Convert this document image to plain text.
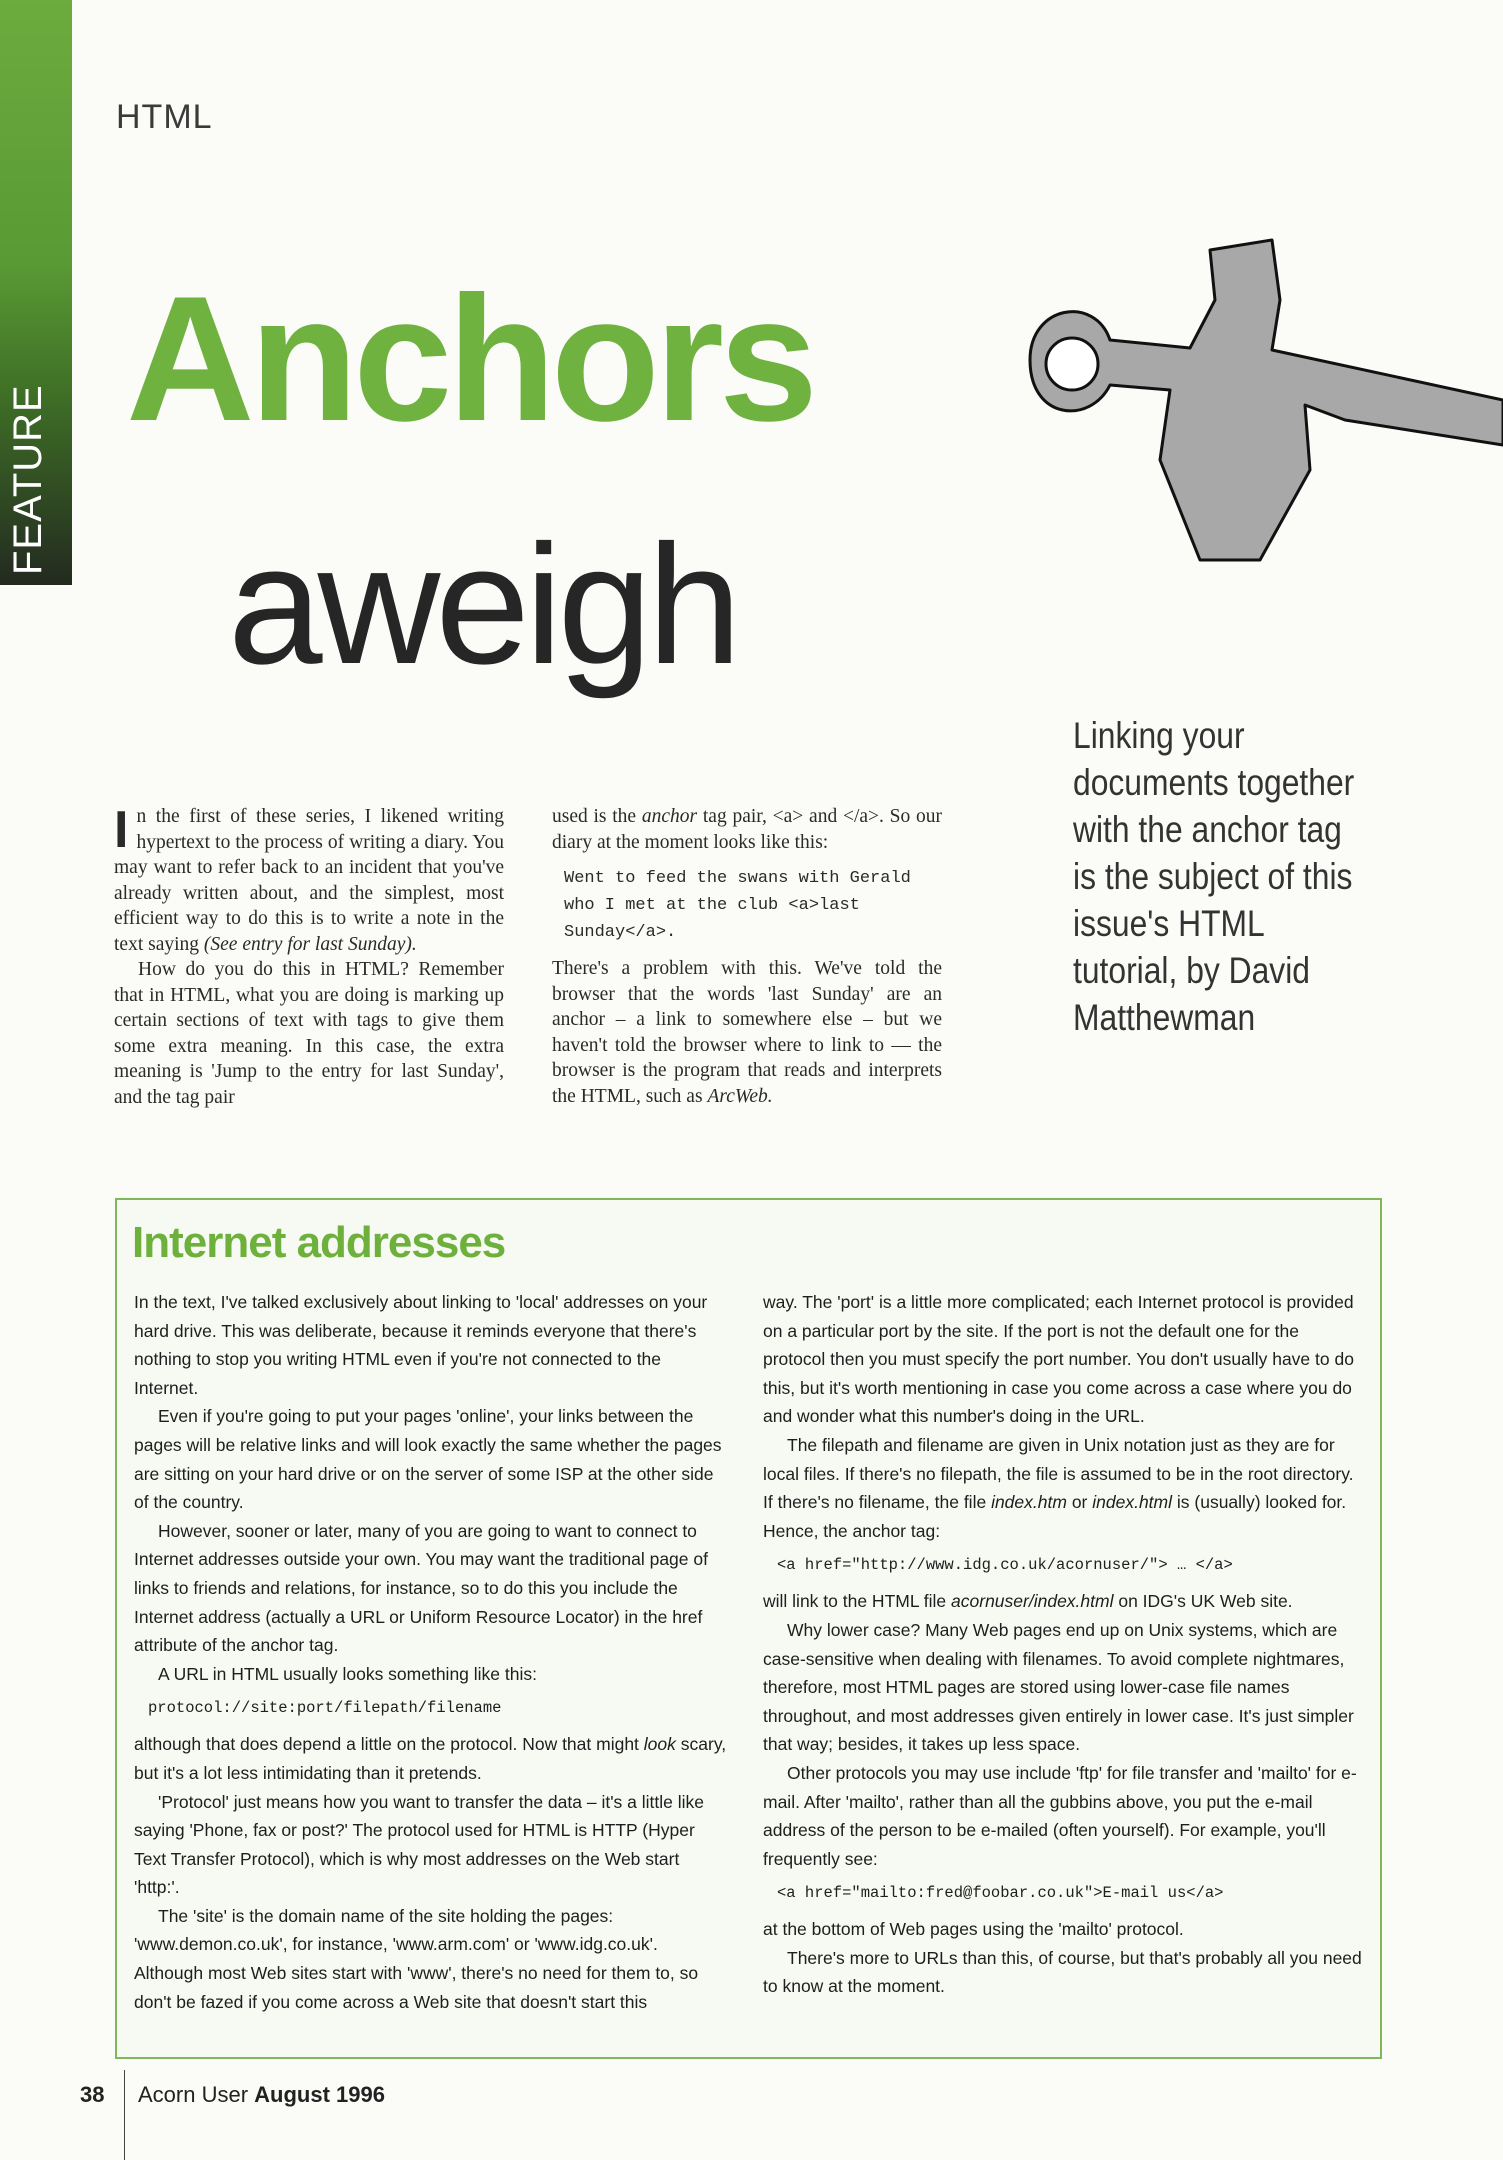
HTML
Anchors
aweigh
Linking your documents together with the anchor tag is the subject of this issue's HTML tutorial, by David Matthewman

In the first of these series, I likened writing hypertext to the process of writing a diary. You may want to refer back to an incident that you've already written about, and the simplest, most efficient way to do this is to write a note in the text saying (See entry for last Sunday).

How do you do this in HTML? Remember that in HTML, what you are doing is marking up certain sections of text with tags to give them some extra meaning. In this case, the extra meaning is 'Jump to the entry for last Sunday', and the tag pair

used is the anchor tag pair, <a> and </a>. So our diary at the moment looks like this:

Went to feed the swans with Gerald who I met at the club <a>last Sunday</a>.

There's a problem with this. We've told the browser that the words 'last Sunday' are an anchor – a link to somewhere else – but we haven't told the browser where to link to — the browser is the program that reads and interprets the HTML, such as ArcWeb.

Internet addresses

In the text, I've talked exclusively about linking to 'local' addresses on your hard drive. This was deliberate, because it reminds everyone that there's nothing to stop you writing HTML even if you're not connected to the Internet.

Even if you're going to put your pages 'online', your links between the pages will be relative links and will look exactly the same whether the pages are sitting on your hard drive or on the server of some ISP at the other side of the country.

However, sooner or later, many of you are going to want to connect to Internet addresses outside your own. You may want the traditional page of links to friends and relations, for instance, so to do this you include the Internet address (actually a URL or Uniform Resource Locator) in the href attribute of the anchor tag.

A URL in HTML usually looks something like this:

protocol://site:port/filepath/filename

although that does depend a little on the protocol. Now that might look scary, but it's a lot less intimidating than it pretends.

'Protocol' just means how you want to transfer the data – it's a little like saying 'Phone, fax or post?' The protocol used for HTML is HTTP (Hyper Text Transfer Protocol), which is why most addresses on the Web start 'http:'.

The 'site' is the domain name of the site holding the pages: 'www.demon.co.uk', for instance, 'www.arm.com' or 'www.idg.co.uk'. Although most Web sites start with 'www', there's no need for them to, so don't be fazed if you come across a Web site that doesn't start this

way. The 'port' is a little more complicated; each Internet protocol is provided on a particular port by the site. If the port is not the default one for the protocol then you must specify the port number. You don't usually have to do this, but it's worth mentioning in case you come across a case where you do and wonder what this number's doing in the URL.

The filepath and filename are given in Unix notation just as they are for local files. If there's no filepath, the file is assumed to be in the root directory. If there's no filename, the file index.htm or index.html is (usually) looked for. Hence, the anchor tag:

<a href="http://www.idg.co.uk/acornuser/"> … </a>

will link to the HTML file acornuser/index.html on IDG's UK Web site.

Why lower case? Many Web pages end up on Unix systems, which are case-sensitive when dealing with filenames. To avoid complete nightmares, therefore, most HTML pages are stored using lower-case file names throughout, and most addresses given entirely in lower case. It's just simpler that way; besides, it takes up less space.

Other protocols you may use include 'ftp' for file transfer and 'mailto' for e-mail. After 'mailto', rather than all the gubbins above, you put the e-mail address of the person to be e-mailed (often yourself). For example, you'll frequently see:

<a href="mailto:fred@foobar.co.uk">E-mail us</a>

at the bottom of Web pages using the 'mailto' protocol.

There's more to URLs than this, of course, but that's probably all you need to know at the moment.

38 Acorn User August 1996
